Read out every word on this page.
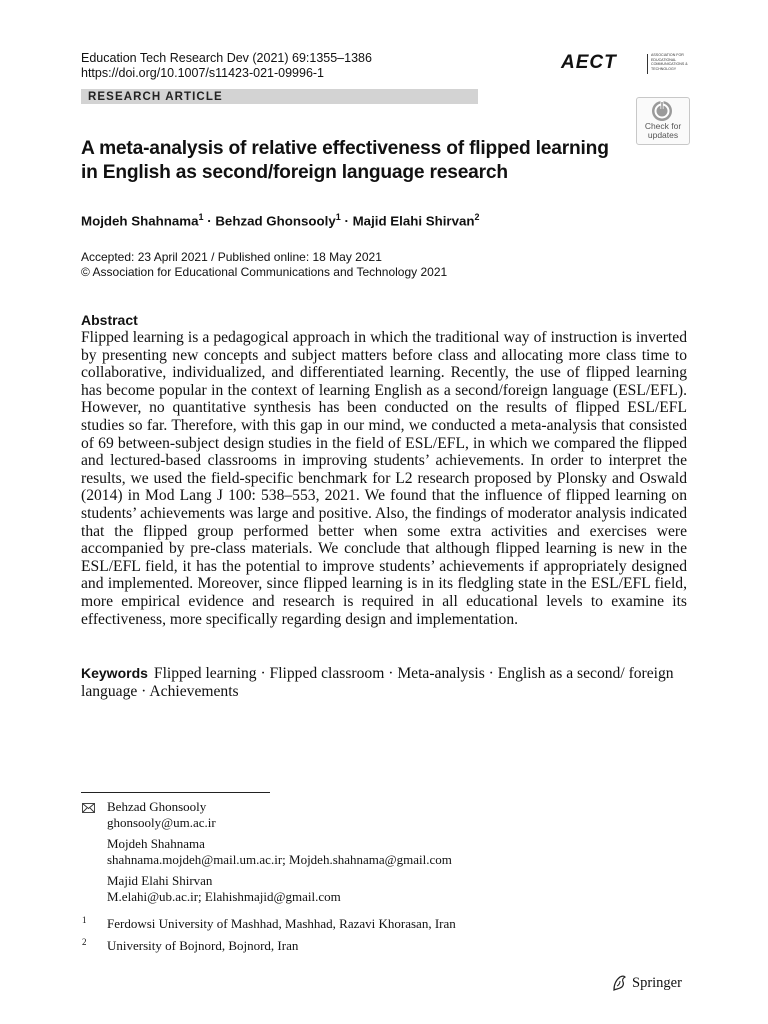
Education Tech Research Dev (2021) 69:1355–1386
https://doi.org/10.1007/s11423-021-09996-1	AECT	ASSOCIATION FOR EDUCATIONAL COMMUNICATIONS & TECHNOLOGY
RESEARCH ARTICLE
Check for updates
A meta-analysis of relative effectiveness of flipped learning
in English as second/foreign language research
Mojdeh Shahnama$^1$ · Behzad Ghonsooly$^1$ · Majid Elahi Shirvan$^2$
Accepted: 23 April 2021 / Published online: 18 May 2021
© Association for Educational Communications and Technology 2021
Abstract
Flipped learning is a pedagogical approach in which the traditional way of instruction is inverted by presenting new concepts and subject matters before class and allocating more class time to collaborative, individualized, and differentiated learning. Recently, the use of flipped learning has become popular in the context of learning English as a second/foreign language (ESL/EFL). However, no quantitative synthesis has been conducted on the results of flipped ESL/EFL studies so far. Therefore, with this gap in our mind, we conducted a meta-analysis that consisted of 69 between-subject design studies in the field of ESL/EFL, in which we compared the flipped and lectured-based classrooms in improving students’ achievements. In order to interpret the results, we used the field-specific benchmark for L2 research proposed by Plonsky and Oswald (2014) in Mod Lang J 100: 538–553, 2021. We found that the influence of flipped learning on students’ achievements was large and positive. Also, the findings of moderator analysis indicated that the flipped group performed better when some extra activities and exercises were accompanied by pre-class materials. We conclude that although flipped learning is new in the ESL/EFL field, it has the potential to improve students’ achievements if appropriately designed and implemented. Moreover, since flipped learning is in its fledgling state in the ESL/EFL field, more empirical evidence and research is required in all educational levels to examine its effectiveness, more specifically regarding design and implementation.
Keywords Flipped learning · Flipped classroom · Meta-analysis · English as a second/ foreign language · Achievements
Behzad Ghonsooly
ghonsooly@um.ac.ir
Mojdeh Shahnama
shahnama.mojdeh@mail.um.ac.ir; Mojdeh.shahnama@gmail.com
Majid Elahi Shirvan
M.elahi@ub.ac.ir; Elahishmajid@gmail.com
1 Ferdowsi University of Mashhad, Mashhad, Razavi Khorasan, Iran
2 University of Bojnord, Bojnord, Iran
Springer
